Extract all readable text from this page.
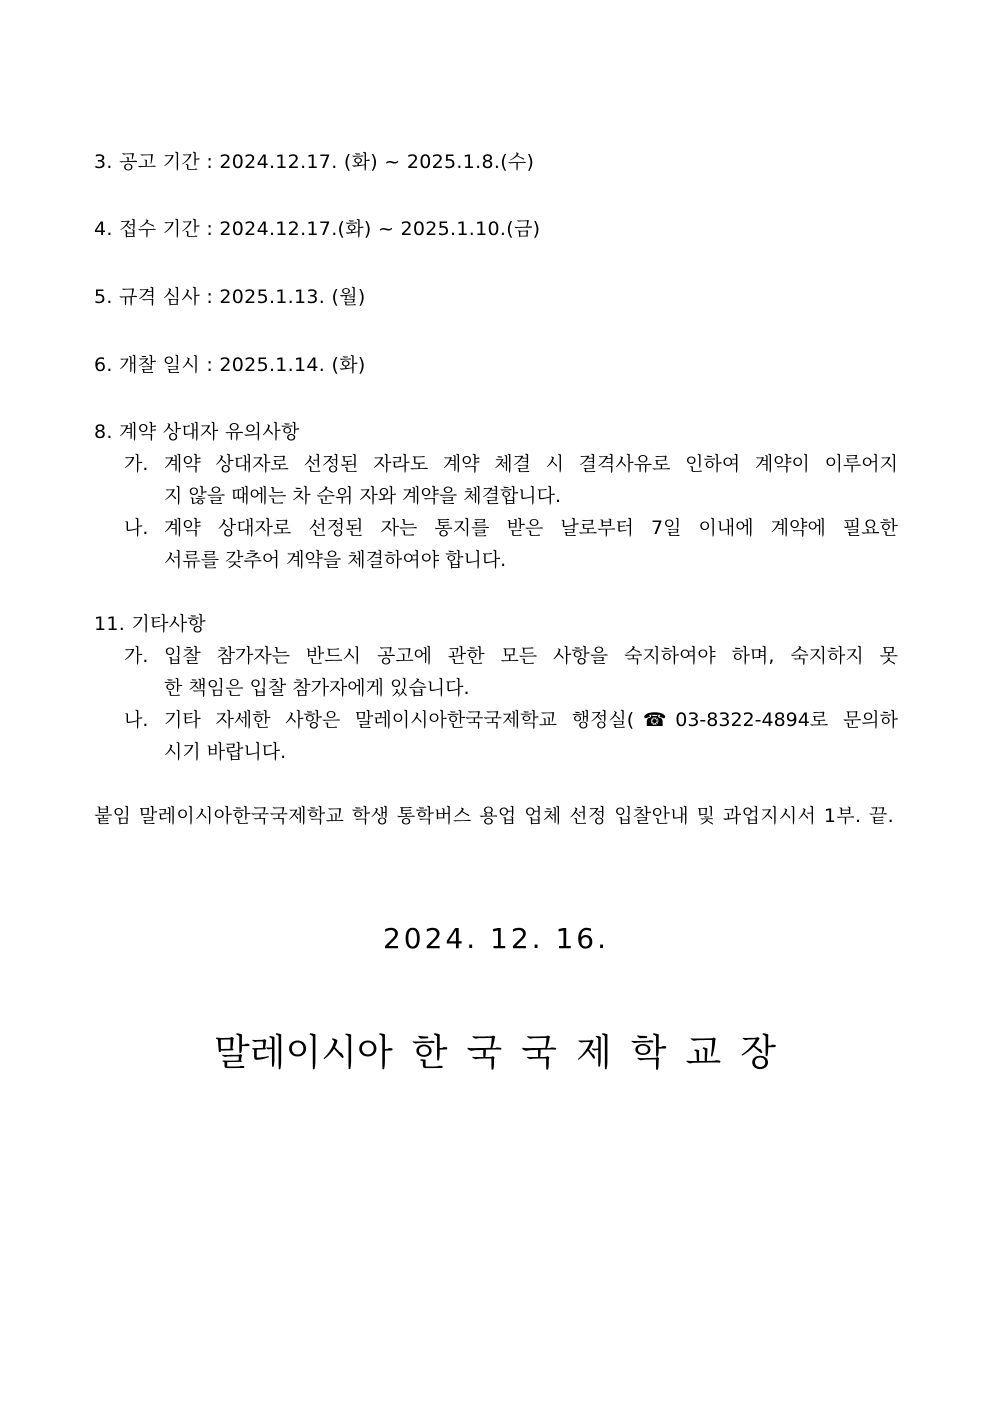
3. 공고 기간 : 2024.12.17. (화) ~ 2025.1.8.(수)
4. 접수 기간 : 2024.12.17.(화) ~ 2025.1.10.(금)
5. 규격 심사 : 2025.1.13. (월)
6. 개찰 일시 : 2025.1.14. (화)
8. 계약 상대자 유의사항
가. 계약 상대자로 선정된 자라도 계약 체결 시 결격사유로 인하여 계약이 이루어지
지 않을 때에는 차 순위 자와 계약을 체결합니다.
나. 계약 상대자로 선정된 자는 통지를 받은 날로부터 7일 이내에 계약에 필요한
서류를 갖추어 계약을 체결하여야 합니다.
11. 기타사항
가. 입찰 참가자는 반드시 공고에 관한 모든 사항을 숙지하여야 하며, 숙지하지 못
한 책임은 입찰 참가자에게 있습니다.
나. 기타 자세한 사항은 말레이시아한국국제학교 행정실(☎03-8322-4894로 문의하
시기 바랍니다.
붙임 말레이시아한국국제학교 학생 통학버스 용업 업체 선정 입찰안내 및 과업지시서 1부. 끝.
2024. 12. 16.
말레이시아 한 국 국 제 학 교 장
